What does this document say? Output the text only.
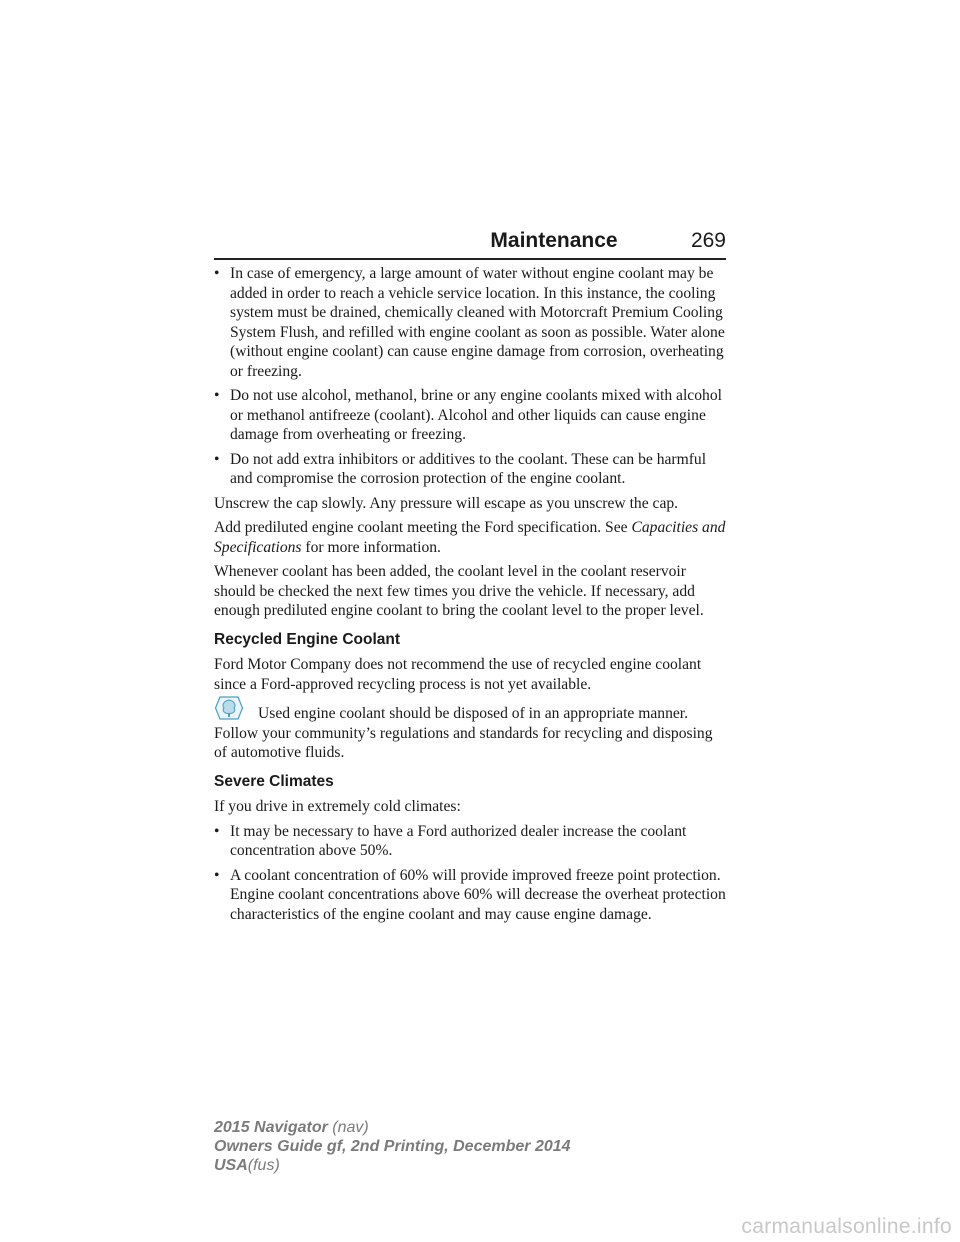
Maintenance	269
• In case of emergency, a large amount of water without engine coolant may be added in order to reach a vehicle service location. In this instance, the cooling system must be drained, chemically cleaned with Motorcraft Premium Cooling System Flush, and refilled with engine coolant as soon as possible. Water alone (without engine coolant) can cause engine damage from corrosion, overheating or freezing.
• Do not use alcohol, methanol, brine or any engine coolants mixed with alcohol or methanol antifreeze (coolant). Alcohol and other liquids can cause engine damage from overheating or freezing.
• Do not add extra inhibitors or additives to the coolant. These can be harmful and compromise the corrosion protection of the engine coolant.

Unscrew the cap slowly. Any pressure will escape as you unscrew the cap.

Add prediluted engine coolant meeting the Ford specification. See Capacities and Specifications for more information.

Whenever coolant has been added, the coolant level in the coolant reservoir should be checked the next few times you drive the vehicle. If necessary, add enough prediluted engine coolant to bring the coolant level to the proper level.

Recycled Engine Coolant

Ford Motor Company does not recommend the use of recycled engine coolant since a Ford-approved recycling process is not yet available.

Used engine coolant should be disposed of in an appropriate manner. Follow your community’s regulations and standards for recycling and disposing of automotive fluids.

Severe Climates

If you drive in extremely cold climates:

• It may be necessary to have a Ford authorized dealer increase the coolant concentration above 50%.
• A coolant concentration of 60% will provide improved freeze point protection. Engine coolant concentrations above 60% will decrease the overheat protection characteristics of the engine coolant and may cause engine damage.
2015 Navigator (nav)
Owners Guide gf, 2nd Printing, December 2014
USA(fus)
carmanualsonline.info
